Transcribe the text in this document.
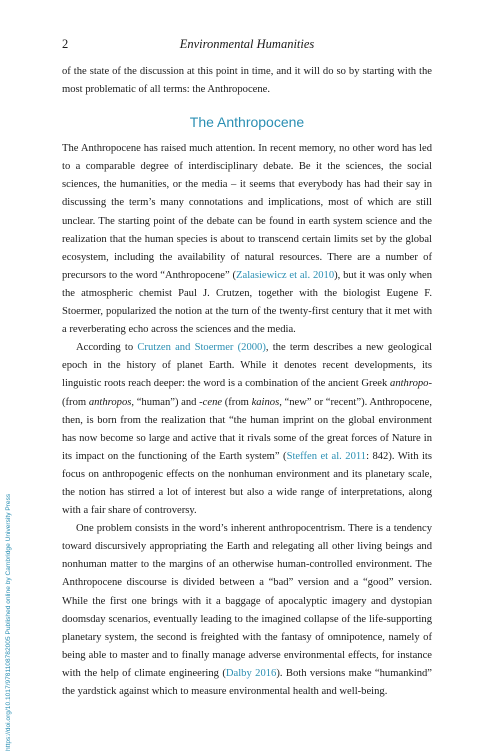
2	Environmental Humanities

of the state of the discussion at this point in time, and it will do so by starting with the most problematic of all terms: the Anthropocene.

The Anthropocene

The Anthropocene has raised much attention. In recent memory, no other word has led to a comparable degree of interdisciplinary debate. Be it the sciences, the social sciences, the humanities, or the media – it seems that everybody has had their say in discussing the term’s many connotations and implications, most of which are still unclear. The starting point of the debate can be found in earth system science and the realization that the human species is about to transcend certain limits set by the global ecosystem, including the availability of natural resources. There are a number of precursors to the word “Anthropocene” (Zalasiewicz et al. 2010), but it was only when the atmospheric chemist Paul J. Crutzen, together with the biologist Eugene F. Stoermer, popularized the notion at the turn of the twenty-first century that it met with a reverberating echo across the sciences and the media.

According to Crutzen and Stoermer (2000), the term describes a new geological epoch in the history of planet Earth. While it denotes recent developments, its linguistic roots reach deeper: the word is a combination of the ancient Greek anthropo- (from anthropos, “human”) and -cene (from kainos, “new” or “recent”). Anthropocene, then, is born from the realization that “the human imprint on the global environment has now become so large and active that it rivals some of the great forces of Nature in its impact on the functioning of the Earth system” (Steffen et al. 2011: 842). With its focus on anthropogenic effects on the nonhuman environment and its planetary scale, the notion has stirred a lot of interest but also a wide range of interpretations, along with a fair share of controversy.

One problem consists in the word’s inherent anthropocentrism. There is a tendency toward discursively appropriating the Earth and relegating all other living beings and nonhuman matter to the margins of an otherwise human-controlled environment. The Anthropocene discourse is divided between a “bad” version and a “good” version. While the first one brings with it a baggage of apocalyptic imagery and dystopian doomsday scenarios, eventually leading to the imagined collapse of the life-supporting planetary system, the second is freighted with the fantasy of omnipotence, namely of being able to master and to finally manage adverse environmental effects, for instance with the help of climate engineering (Dalby 2016). Both versions make “humankind” the yardstick against which to measure environmental health and well-being.

https://doi.org/10.1017/9781108782005 Published online by Cambridge University Press
